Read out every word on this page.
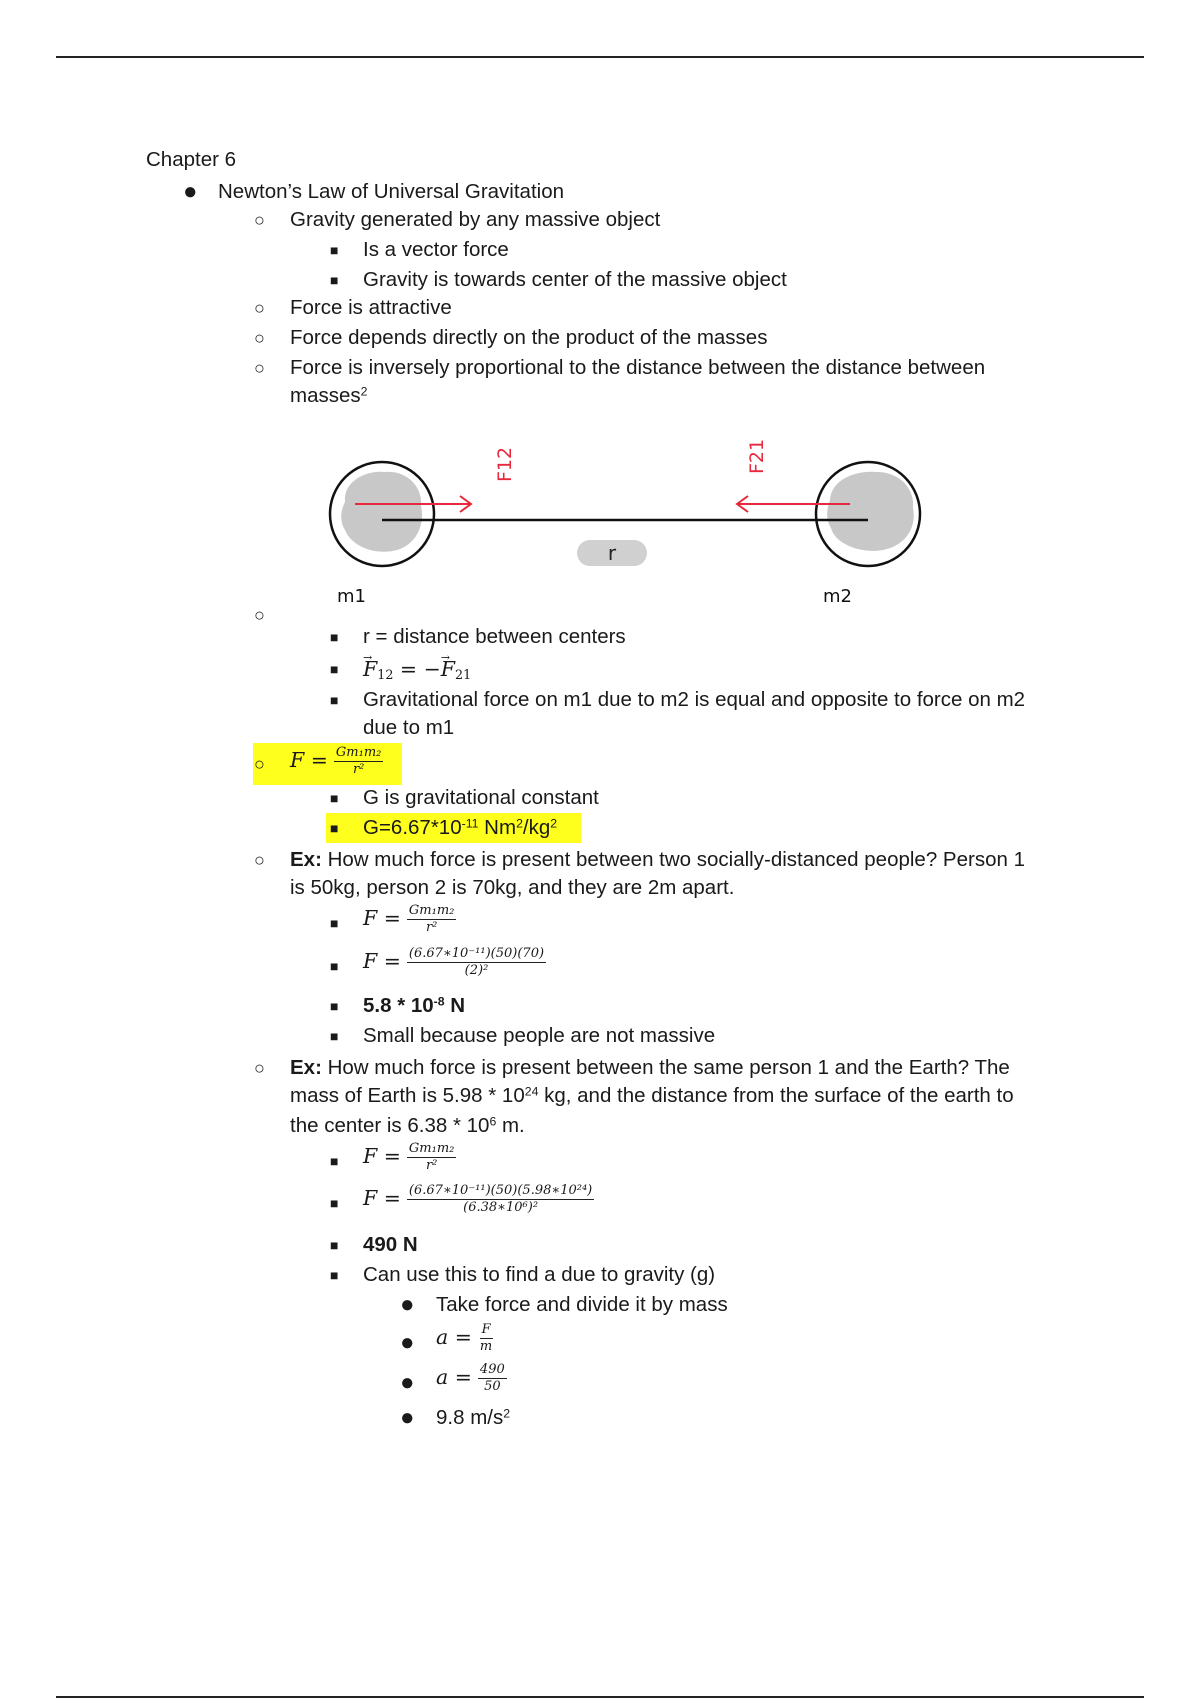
Chapter 6
● Newton’s Law of Universal Gravitation
○ Gravity generated by any massive object
■ Is a vector force
■ Gravity is towards center of the massive object
○ Force is attractive
○ Force depends directly on the product of the masses
○ Force is inversely proportional to the distance between the distance between
masses$^2$
r
F12	F21
m1	m2
○
■ r = distance between centers
■
→ $F_{12}$ = −→ $F_{21}$
■ Gravitational force on m1 due to m2 is equal and opposite to force on m2
due to m1
○ $F = \frac{\text{Gm₁m₂}}{\text{r²}}$
■ G is gravitational constant
■ $G=6.67*10^{-11}$ $Nm^2/kg^2$
○ Ex: How much force is present between two socially-distanced people? Person 1
is 50kg, person 2 is 70kg, and they are 2m apart.
■ $F = \frac{\text{Gm₁m₂}}{\text{r²}}$
■ $F = \frac{\text{(6.67∗10⁻¹¹)(50)(70)}}{\text{(2)²}}$
■ $5.8 * 10^{-8}$ N
■ Small because people are not massive
○ Ex: How much force is present between the same person 1 and the Earth? The
mass of Earth is $5.98 * 10^{24}$ kg, and the distance from the surface of the earth to
the center is $6.38 * 10^6$ m.
■ $F = \frac{\text{Gm₁m₂}}{\text{r²}}$
■ $F = \frac{\text{(6.67∗10⁻¹¹)(50)(5.98∗10²⁴)}}{\text{(6.38∗10⁶)²}}$
■ 490 N
■ Can use this to find a due to gravity (g)
● Take force and divide it by mass
● $a = \frac{F}{m}$
● $a = \frac{490}{50}$
● 9.8 $m/s^2$
